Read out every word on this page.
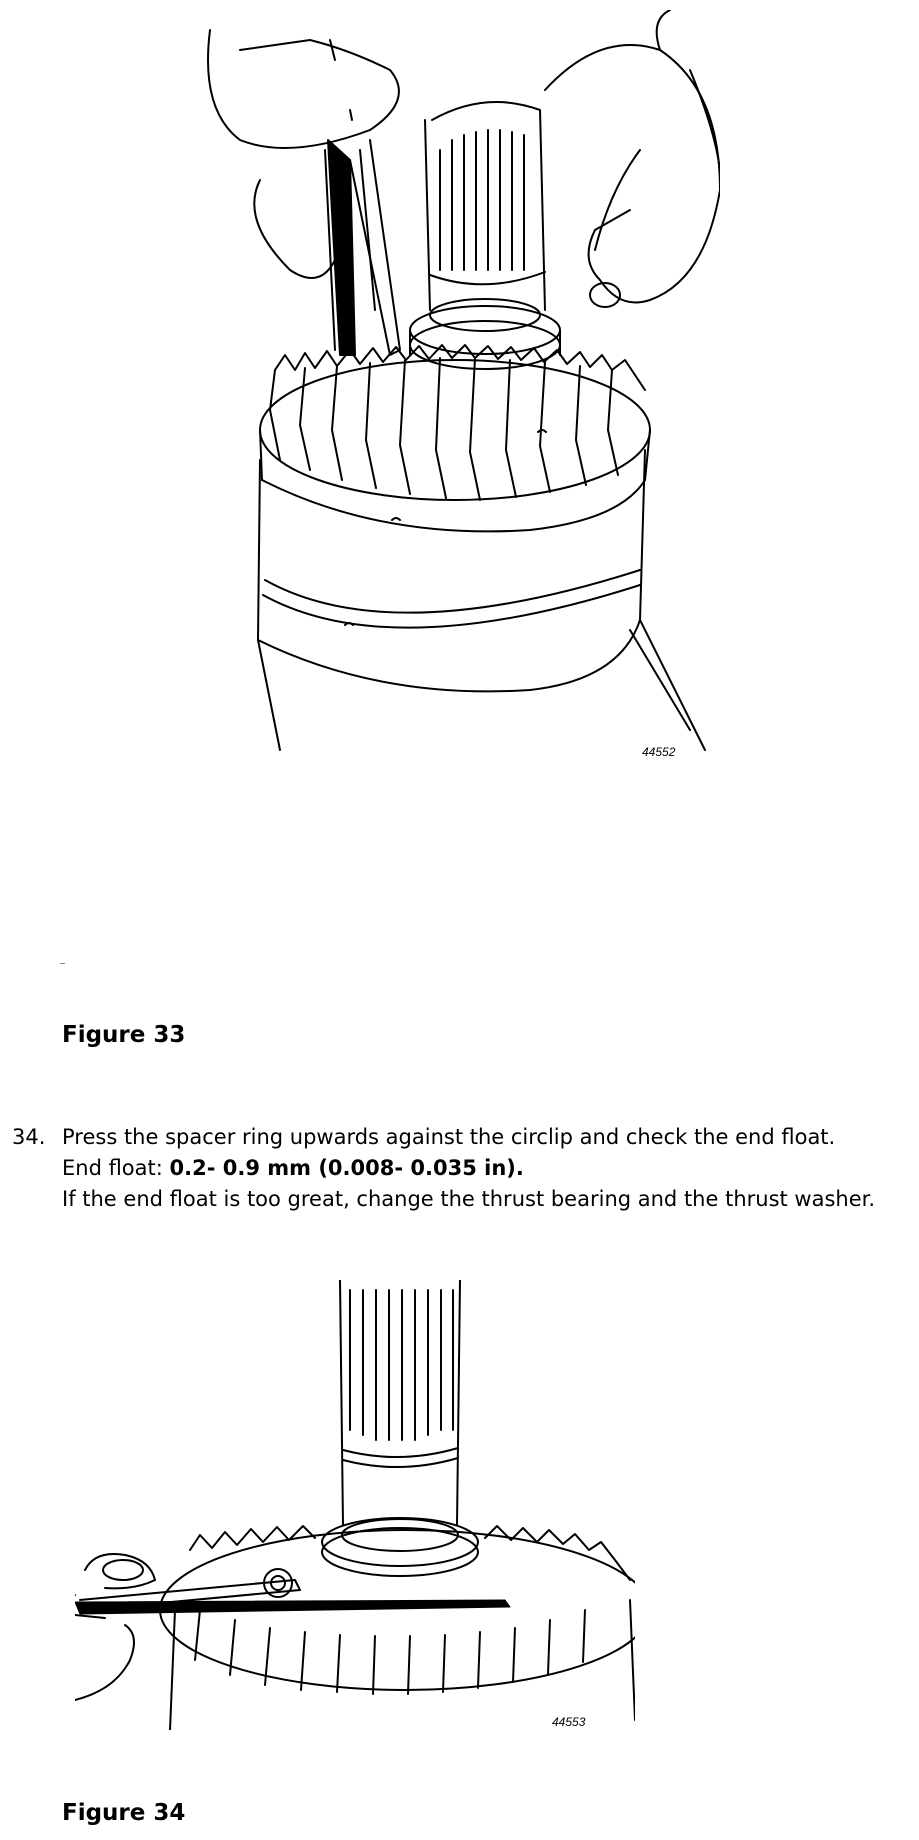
44552
Figure 33
34. Press the spacer ring upwards against the circlip and check the end float.
End float: 0.2- 0.9 mm (0.008- 0.035 in).
If the end float is too great, change the thrust bearing and the thrust washer.
44553
Figure 34
